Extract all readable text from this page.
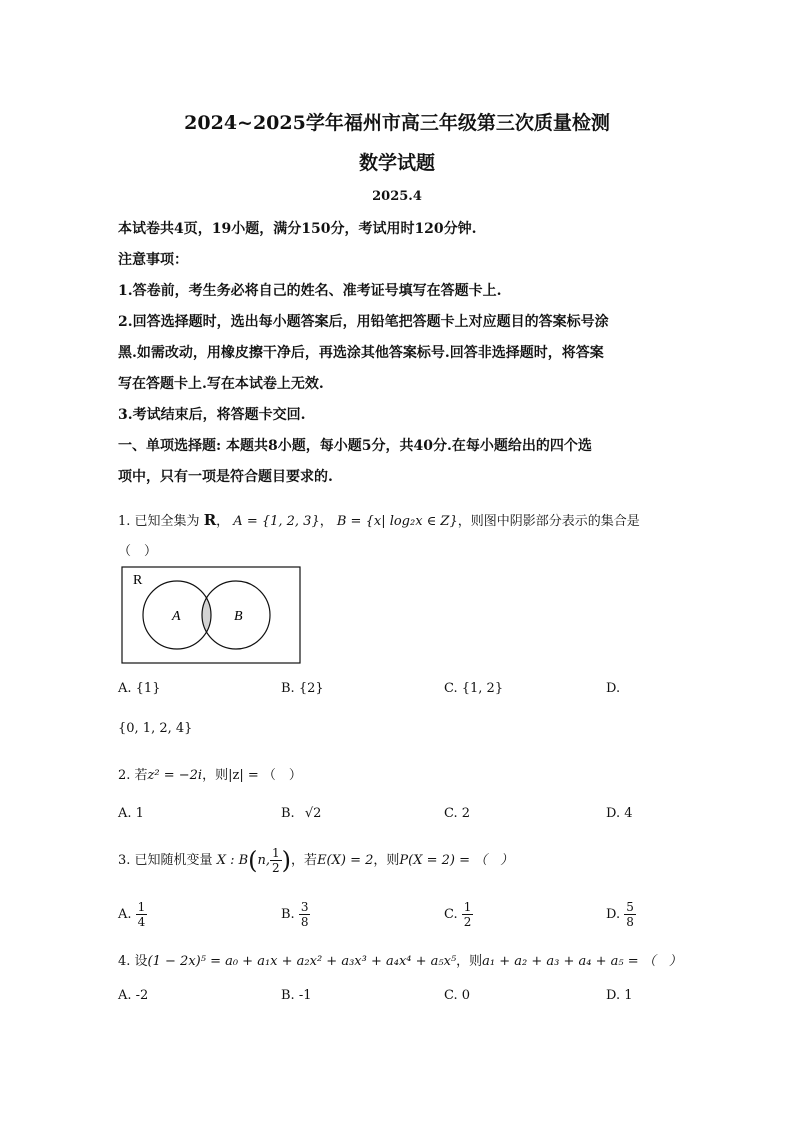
2024~2025学年福州市高三年级第三次质量检测
数学试题
2025.4
本试卷共4页，19小题，满分150分，考试用时120分钟.
注意事项：
1.答卷前，考生务必将自己的姓名、准考证号填写在答题卡上.
2.回答选择题时，选出每小题答案后，用铅笔把答题卡上对应题目的答案标号涂
黑.如需改动，用橡皮擦干净后，再选涂其他答案标号.回答非选择题时，将答案
写在答题卡上.写在本试卷上无效.
3.考试结束后，将答题卡交回.
一、单项选择题: 本题共8小题，每小题5分，共40分.在每小题给出的四个选
项中，只有一项是符合题目要求的.
1. 已知全集为 R， A = {1, 2, 3}， B = {x| log₂x ∈ Z}，则图中阴影部分表示的集合是
（　）
R
A	B
A. {1}	B. {2}	C. {1, 2}	D.
{0, 1, 2, 4}
2. 若z² = −2i，则|z| = （　）
A. 1	B. √2	C. 2	D. 4
3. 已知随机变量 X : B(n, $\frac{1}{2}$ )，若E(X) = 2，则P(X = 2) = （　）
A. $\frac{1}{4}$	B. $\frac{3}{8}$	C. $\frac{1}{2}$	D. $\frac{5}{8}$
4. 设(1 − 2x)⁵ = a₀ + a₁x + a₂x² + a₃x³ + a₄x⁴ + a₅x⁵，则a₁ + a₂ + a₃ + a₄ + a₅ = （　）
A. -2	B. -1	C. 0	D. 1
